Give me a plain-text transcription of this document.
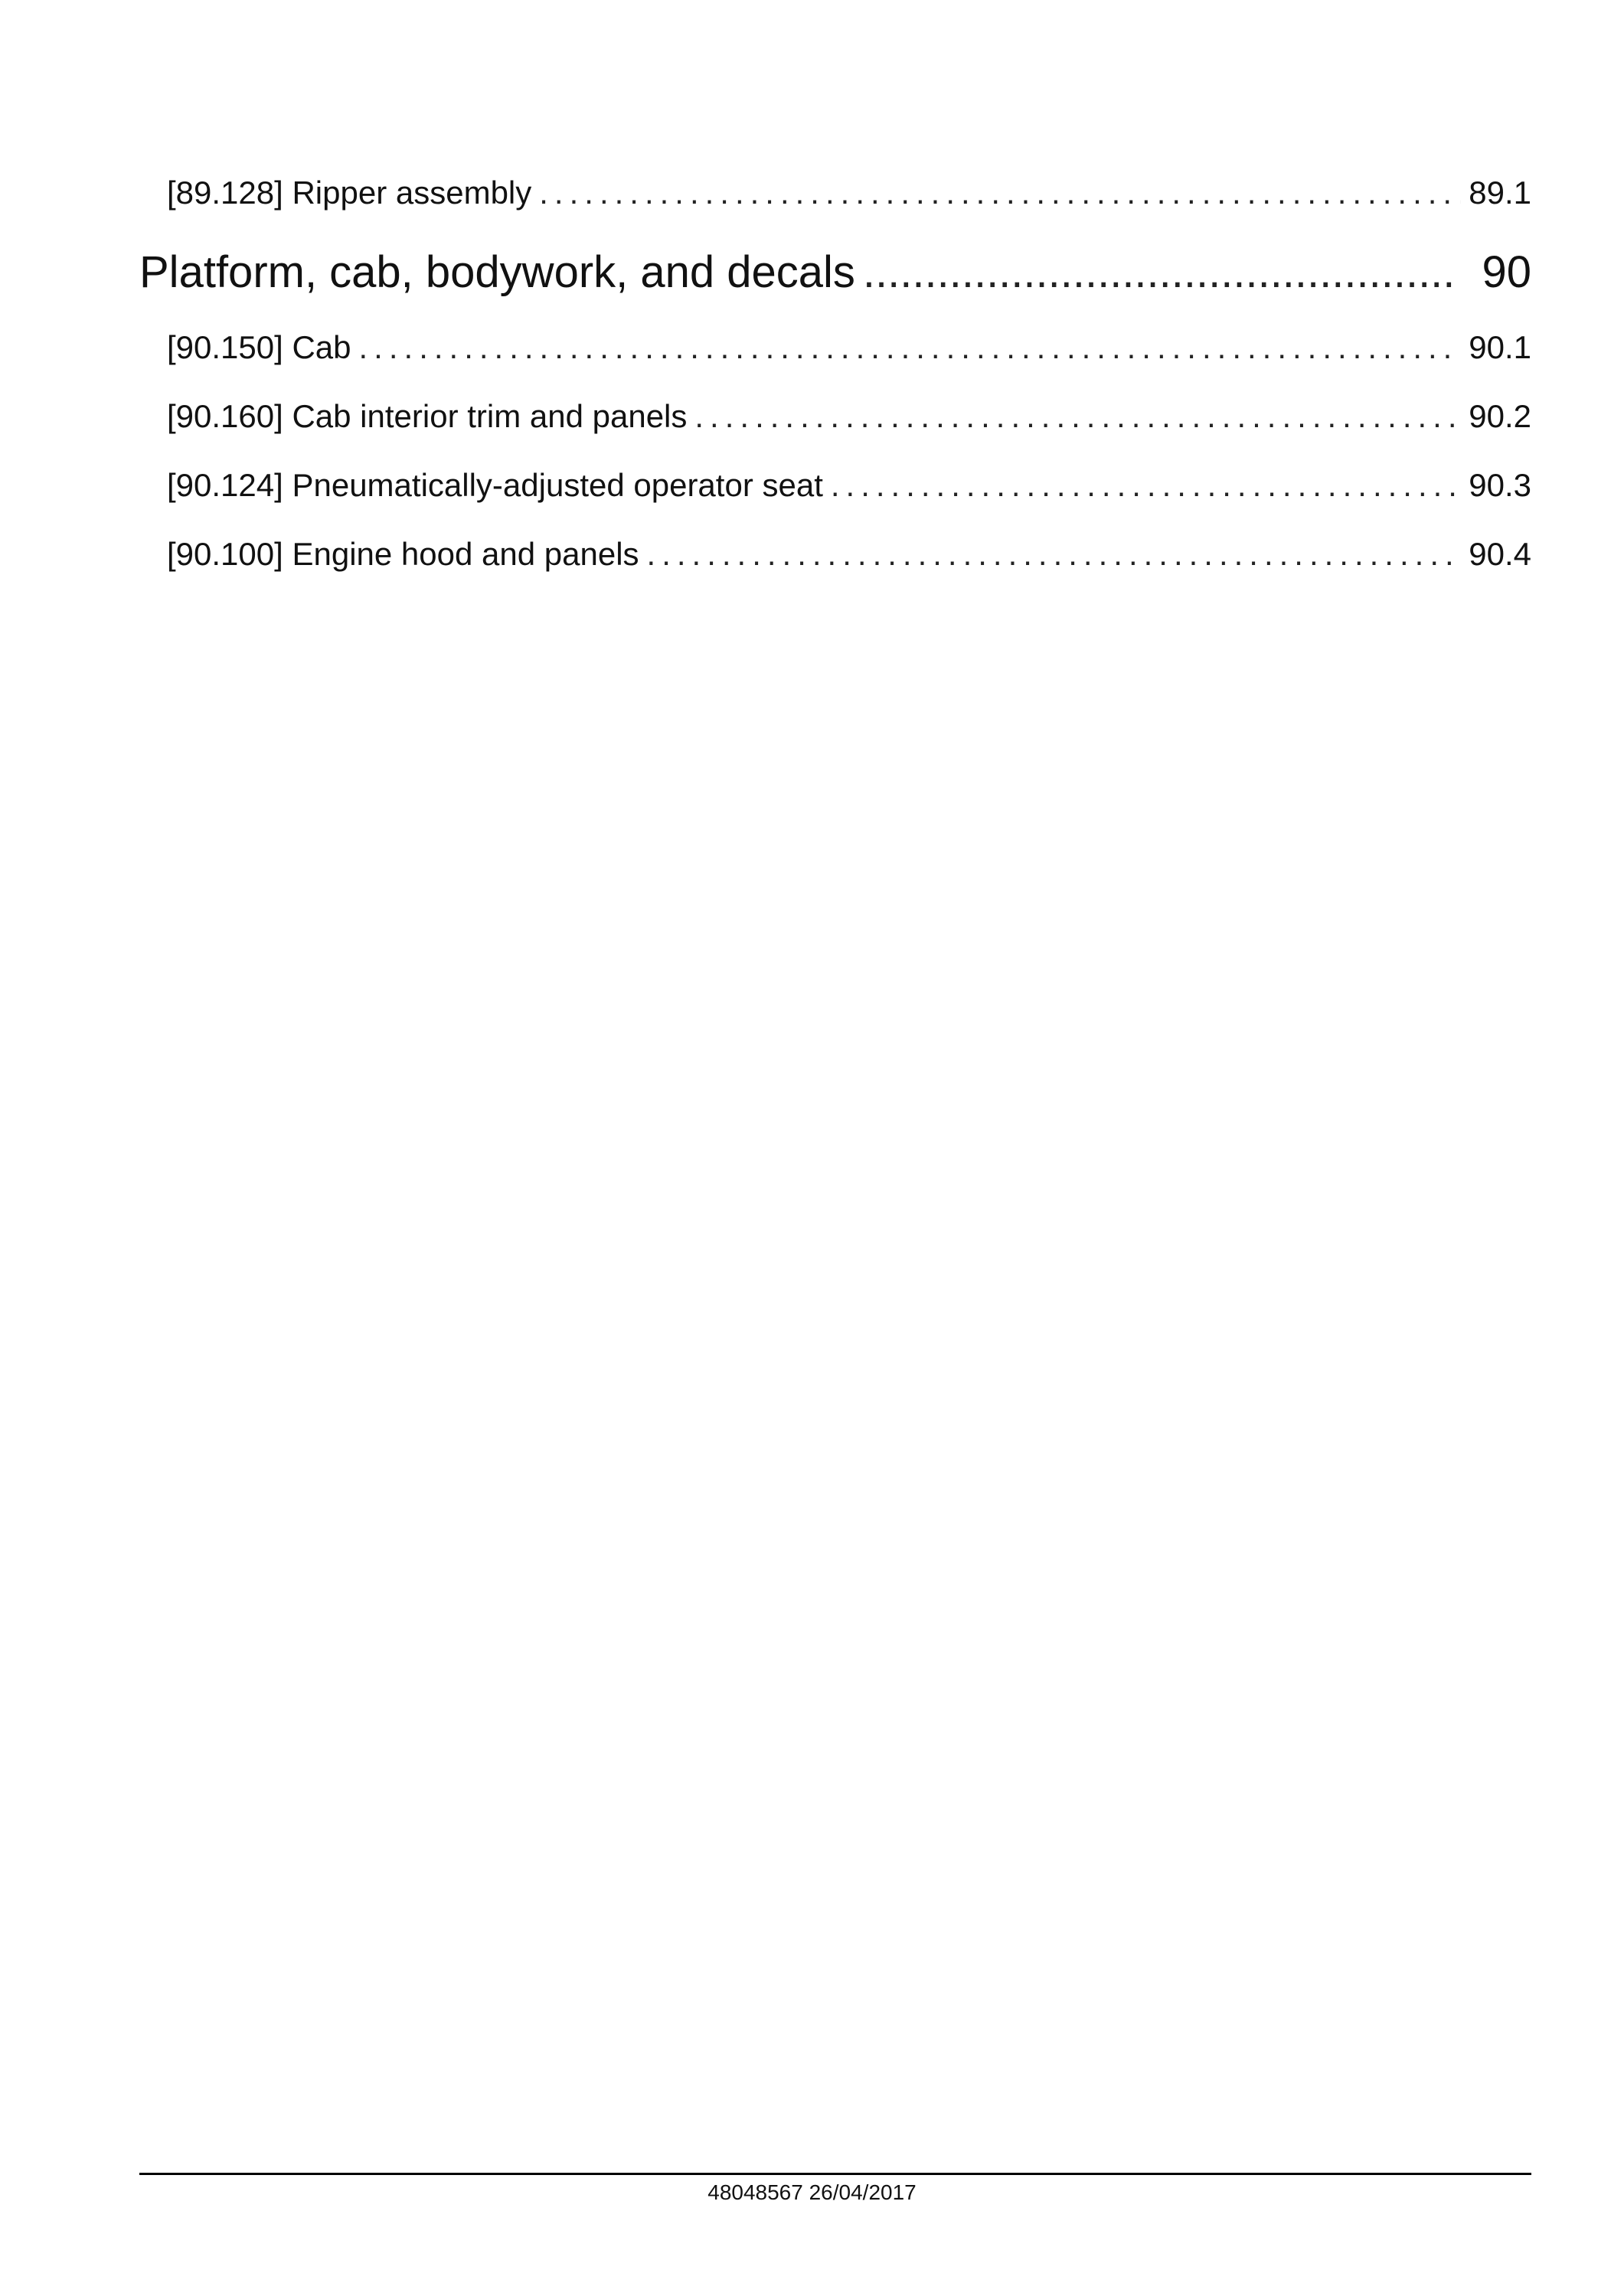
[89.128] Ripper assembly .....	89.1
Platform, cab, bodywork, and decals .....	90
[90.150] Cab .....	90.1
[90.160] Cab interior trim and panels .....	90.2
[90.124] Pneumatically-adjusted operator seat .....	90.3
[90.100] Engine hood and panels .....	90.4
48048567 26/04/2017
